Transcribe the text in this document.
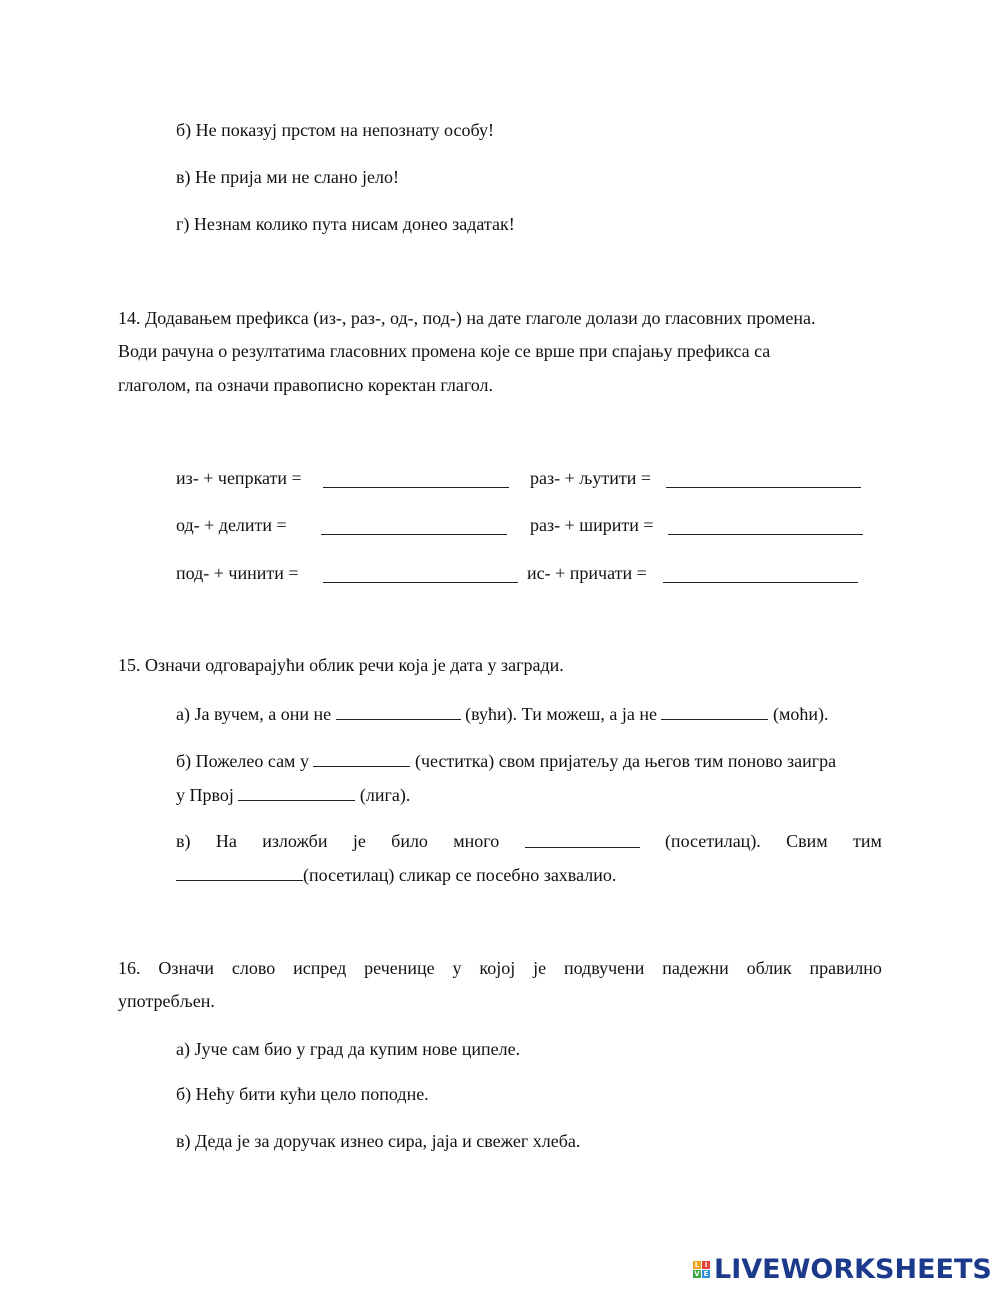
б) Не показуј прстом на непознату особу!
в) Не прија ми не слано јело!
г) Незнам колико пута нисам донео задатак!
14. Додавањем префикса (из-, раз-, од-, под-) на дате глаголе долази до гласовних промена.
Води рачуна о резултатима гласовних промена које се врше при спајању префикса са
глаголом, па означи правописно коректан глагол.
из- + чепркати =	раз- + љутити =
од- + делити =	раз- + ширити =
под- + чинити =	ис- + причати =
15. Означи одговарајући облик речи која је дата у загради.
а) Ја вучем, а они не	(вући). Ти можеш, а ја не	(моћи).
б) Пожелео сам у	(честитка) свом пријатељу да његов тим поново заигра
у Првој	(лига).
в) На изложби је било много	(посетилац). Свим тим
(посетилац) сликар се посебно захвалио.
16. Означи слово испред реченице у којој је подвучени падежни облик правилно
употребљен.
а) Јуче сам био у град да купим нове ципеле.
б) Нећу бити кући цело поподне.
в) Деда је за доручак изнео сира, јаја и свежег хлеба.
L I
V E LIVEWORKSHEETS
